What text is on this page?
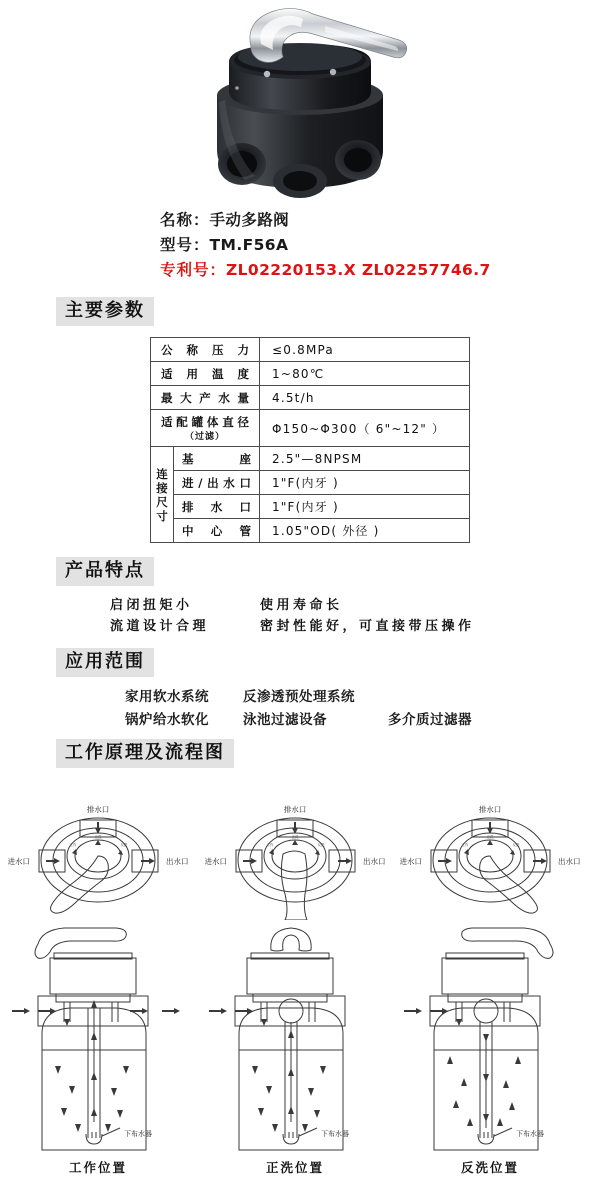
名称：手动多路阀
型号：TM.F56A
专利号：ZL02220153.X ZL02257746.7
主要参数
公称压力		≤0.8MPa

适用温度		1~80℃

最大产水量		4.5t/h

适配罐体直径
（过滤）		Φ150~Φ300（ 6"~12" ）

连
接
尺
寸	基座	2.5"—8NPSM

	进/出水口	1"F(内牙 )

	排水口	1"F(内牙 )

	中心管	1.05"OD( 外径 )
产品特点
启闭扭矩小	使用寿命长
流道设计合理	密封性能好，可直接带压操作
应用范围
家用软水系统	反渗透预处理系统
锅炉给水软化	泳池过滤设备	多介质过滤器
工作原理及流程图
排水口
进水口	出水口
正洗
工作	反洗
下布水器
工作位置
排水口
进水口	出水口
正洗
工作	反洗
下布水器
正洗位置
排水口
进水口	出水口
正洗
工作	反洗
下布水器
反洗位置
